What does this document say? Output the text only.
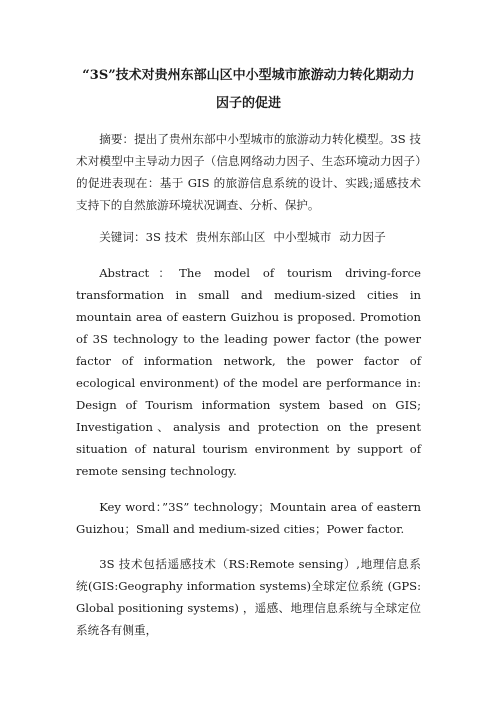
“3S”技术对贵州东部山区中小型城市旅游动力转化期动力因子的促进

摘要：提出了贵州东部中小型城市的旅游动力转化模型。3S 技术对模型中主导动力因子（信息网络动力因子、生态环境动力因子）的促进表现在：基于 GIS 的旅游信息系统的设计、实践;遥感技术支持下的自然旅游环境状况调查、分析、保护。

关键词：3S 技术 贵州东部山区 中小型城市 动力因子

Abstract：The model of tourism driving-force transformation in small and medium-sized cities in mountain area of eastern Guizhou is proposed. Promotion of 3S technology to the leading power factor (the power factor of information network, the power factor of ecological environment) of the model are performance in: Design of Tourism information system based on GIS; Investigation、analysis and protection on the present situation of natural tourism environment by support of remote sensing technology.

Key word：”3S” technology；Mountain area of eastern Guizhou；Small and medium-sized cities；Power factor.

3S 技术包括遥感技术（RS:Remote sensing）,地理信息系统(GIS:Geography information systems)全球定位系统 (GPS: Global positioning systems) ，遥感、地理信息系统与全球定位系统各有侧重，
